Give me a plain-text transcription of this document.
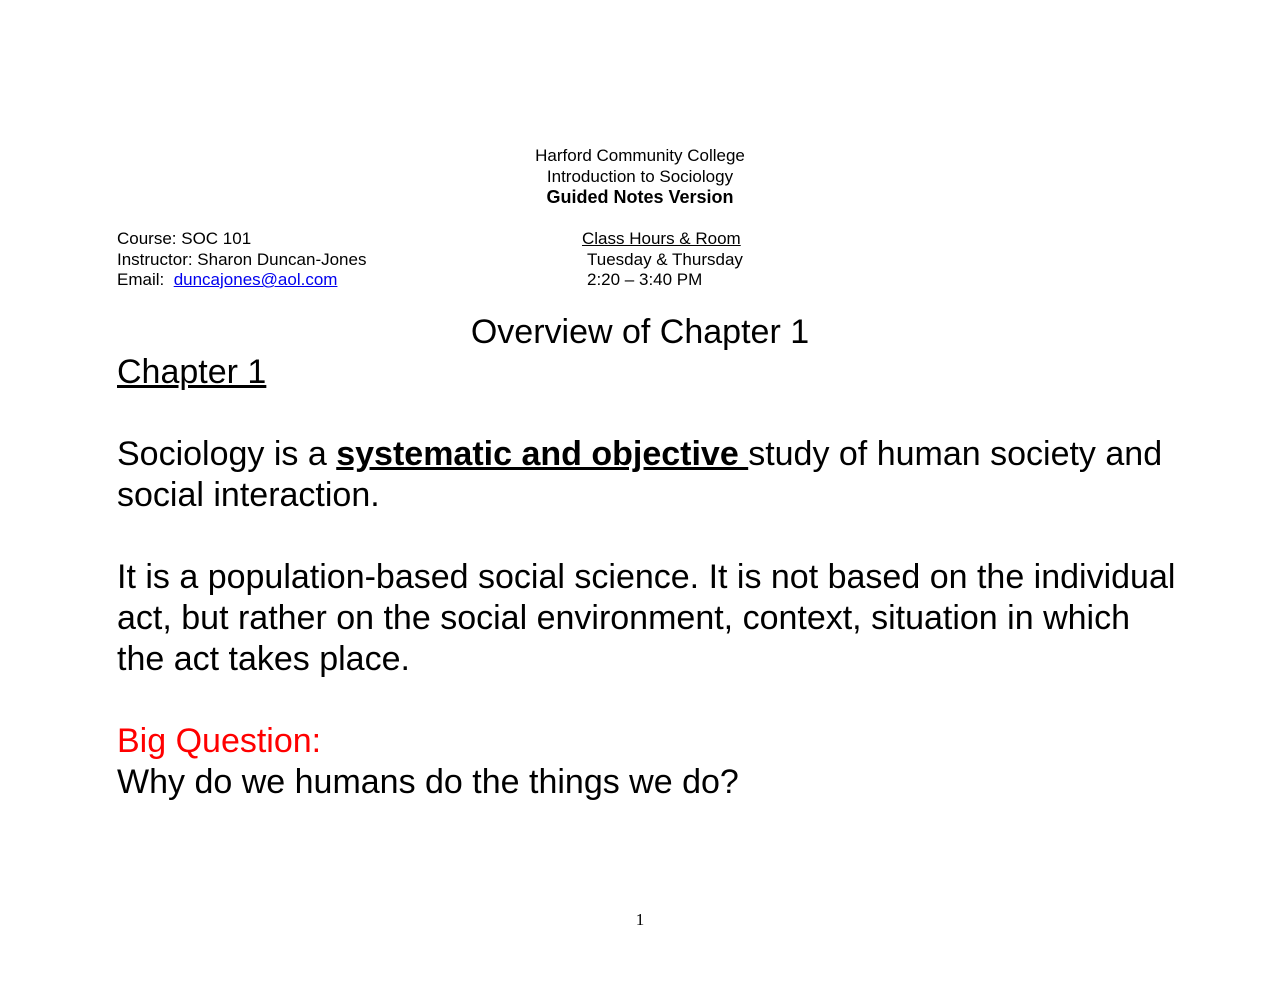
Harford Community College
Introduction to Sociology
Guided Notes Version
Course: SOC 101
Instructor: Sharon Duncan-Jones
Email: duncajones@aol.com
Class Hours & Room
Tuesday & Thursday
2:20 – 3:40 PM
Overview of Chapter 1

Chapter 1

Sociology is a systematic and objective study of human society and social interaction.

It is a population-based social science. It is not based on the individual act, but rather on the social environment, context, situation in which the act takes place.

Big Question:

Why do we humans do the things we do?

1
